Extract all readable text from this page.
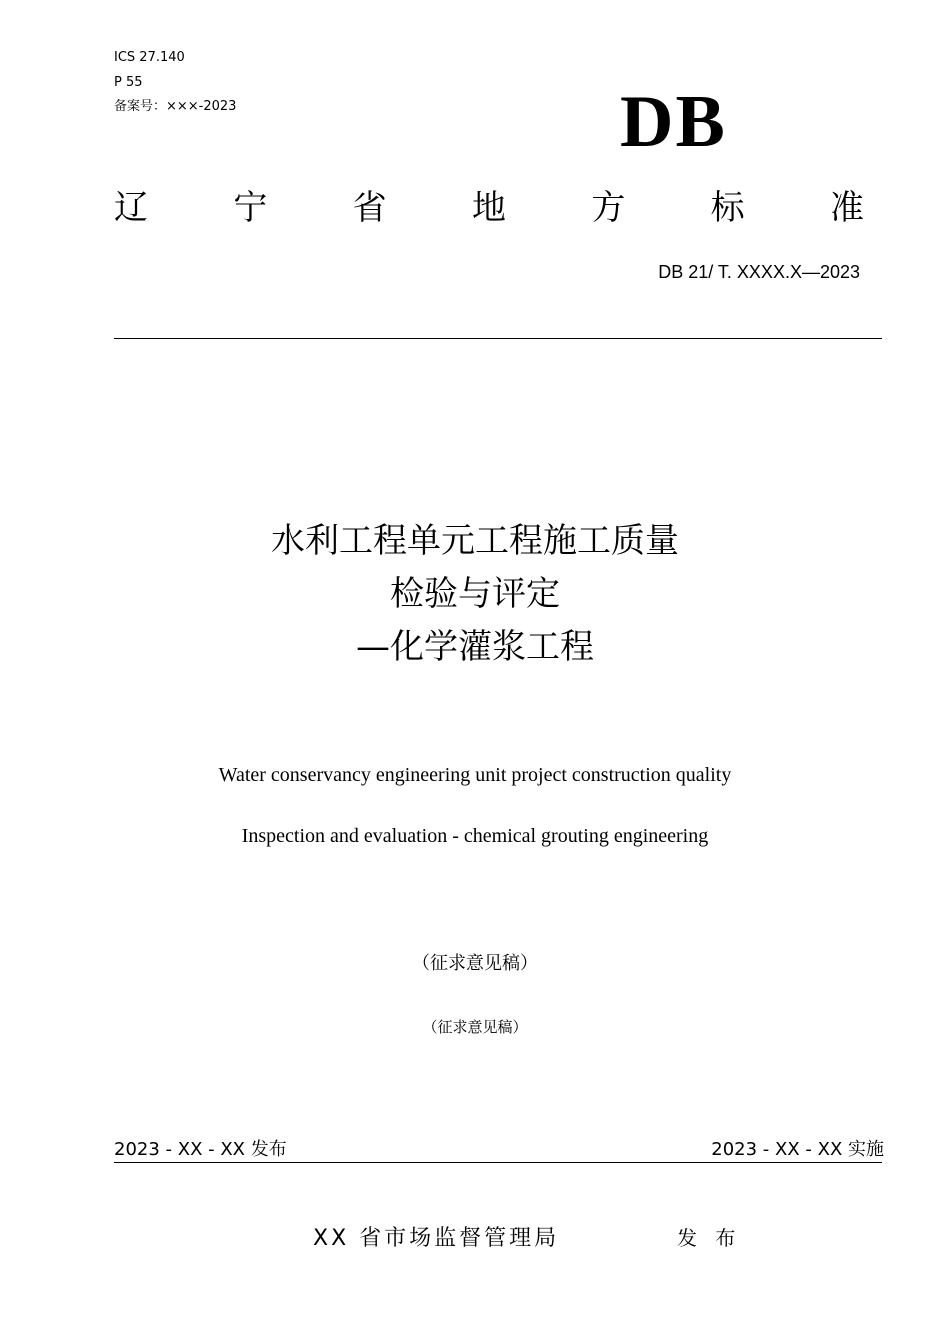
ICS 27.140
P 55
备案号：×××-2023	DB
辽	宁	省	地	方	标	准
DB 21/ T. XXXX.X—2023
水利工程单元工程施工质量
检验与评定
—化学灌浆工程
Water conservancy engineering unit project construction quality
Inspection and evaluation - chemical grouting engineering
（征求意见稿）
（征求意见稿）
2023 - XX - XX 发布	2023 - XX - XX 实施
XX 省市场监督管理局	发 布
